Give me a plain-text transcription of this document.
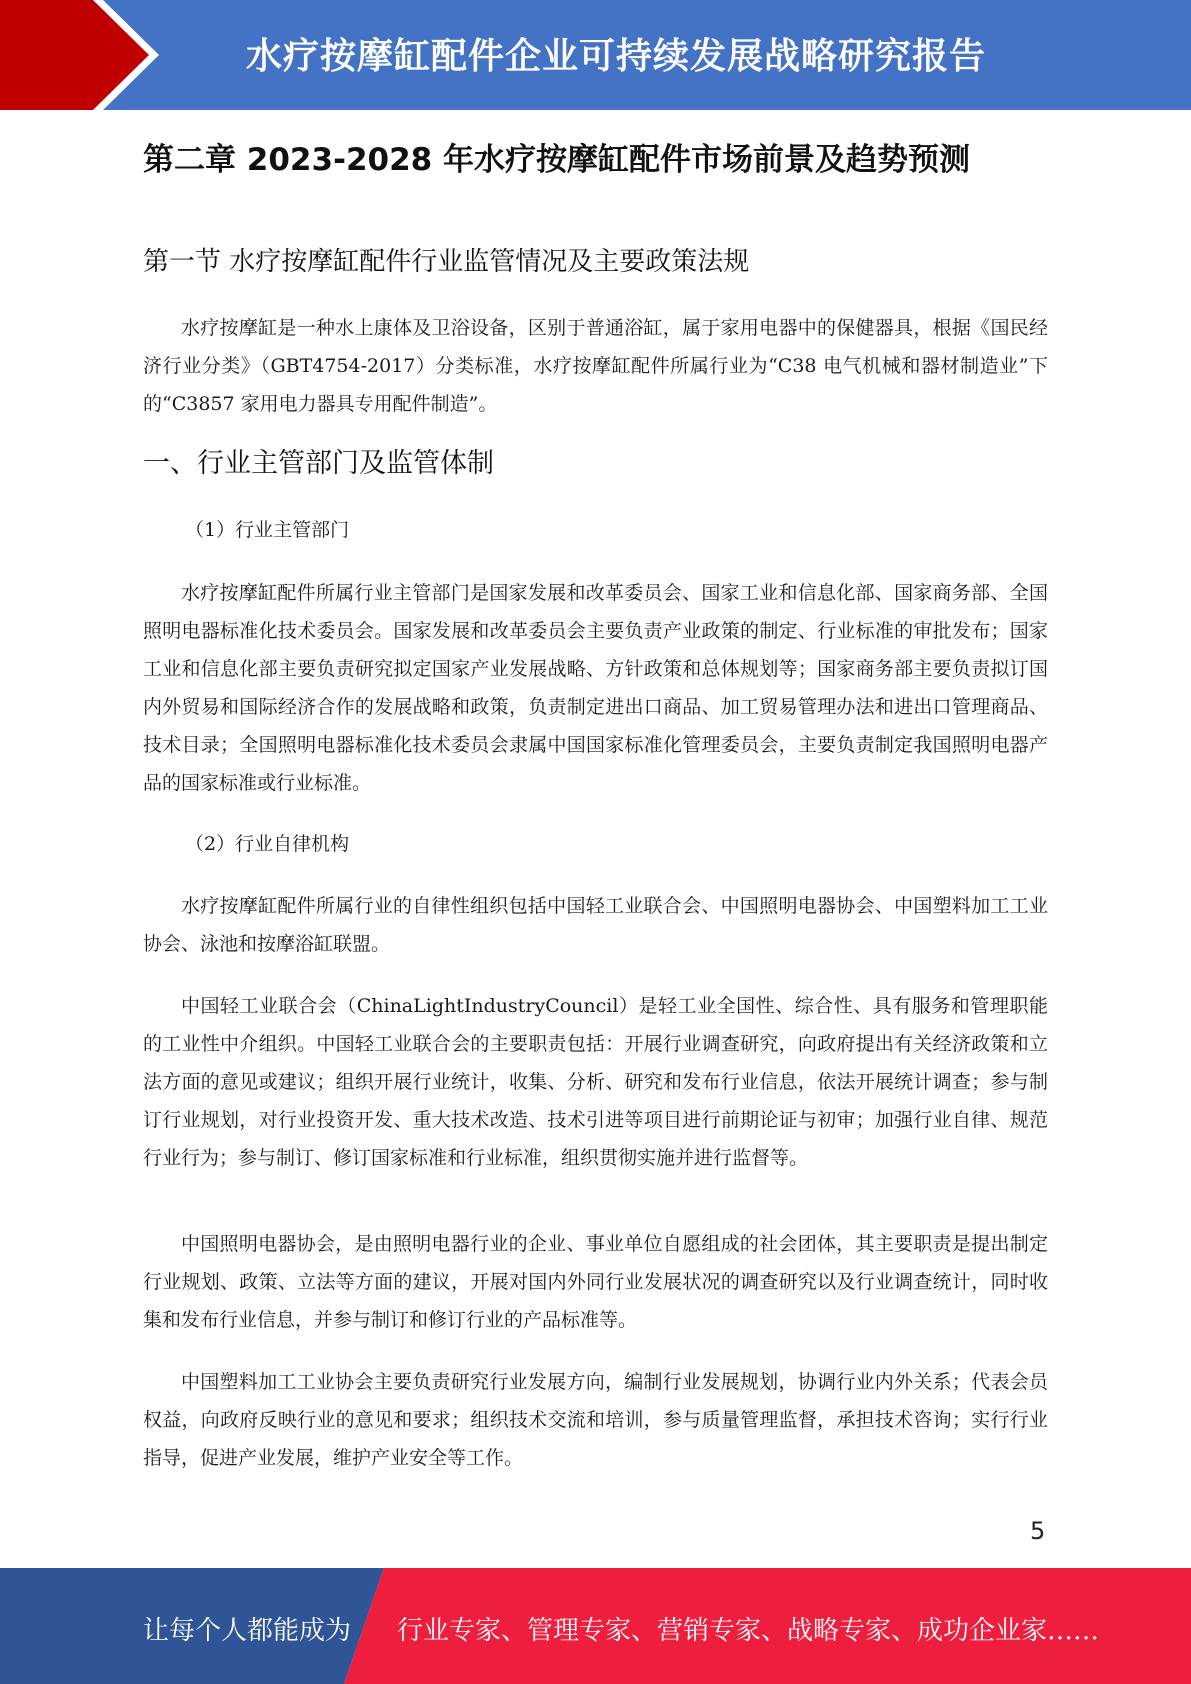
水疗按摩缸配件企业可持续发展战略研究报告
第二章 2023-2028 年水疗按摩缸配件市场前景及趋势预测
第一节 水疗按摩缸配件行业监管情况及主要政策法规

水疗按摩缸是一种水上康体及卫浴设备，区别于普通浴缸，属于家用电器中的保健器具，根据《国民经济行业分类》（GBT4754-2017）分类标准，水疗按摩缸配件所属行业为“C38 电气机械和器材制造业”下的“C3857 家用电力器具专用配件制造”。

一、行业主管部门及监管体制

（1）行业主管部门

水疗按摩缸配件所属行业主管部门是国家发展和改革委员会、国家工业和信息化部、国家商务部、全国照明电器标准化技术委员会。国家发展和改革委员会主要负责产业政策的制定、行业标准的审批发布；国家工业和信息化部主要负责研究拟定国家产业发展战略、方针政策和总体规划等；国家商务部主要负责拟订国内外贸易和国际经济合作的发展战略和政策，负责制定进出口商品、加工贸易管理办法和进出口管理商品、技术目录；全国照明电器标准化技术委员会隶属中国国家标准化管理委员会，主要负责制定我国照明电器产品的国家标准或行业标准。

（2）行业自律机构

水疗按摩缸配件所属行业的自律性组织包括中国轻工业联合会、中国照明电器协会、中国塑料加工工业协会、泳池和按摩浴缸联盟。

中国轻工业联合会（ChinaLightIndustryCouncil）是轻工业全国性、综合性、具有服务和管理职能的工业性中介组织。中国轻工业联合会的主要职责包括：开展行业调查研究，向政府提出有关经济政策和立法方面的意见或建议；组织开展行业统计，收集、分析、研究和发布行业信息，依法开展统计调查；参与制订行业规划，对行业投资开发、重大技术改造、技术引进等项目进行前期论证与初审；加强行业自律、规范行业行为；参与制订、修订国家标准和行业标准，组织贯彻实施并进行监督等。

中国照明电器协会，是由照明电器行业的企业、事业单位自愿组成的社会团体，其主要职责是提出制定行业规划、政策、立法等方面的建议，开展对国内外同行业发展状况的调查研究以及行业调查统计，同时收集和发布行业信息，并参与制订和修订行业的产品标准等。

中国塑料加工工业协会主要负责研究行业发展方向，编制行业发展规划，协调行业内外关系；代表会员权益，向政府反映行业的意见和要求；组织技术交流和培训，参与质量管理监督，承担技术咨询；实行行业指导，促进产业发展，维护产业安全等工作。

5
让每个人都能成为 行业专家、管理专家、营销专家、战略专家、成功企业家……
